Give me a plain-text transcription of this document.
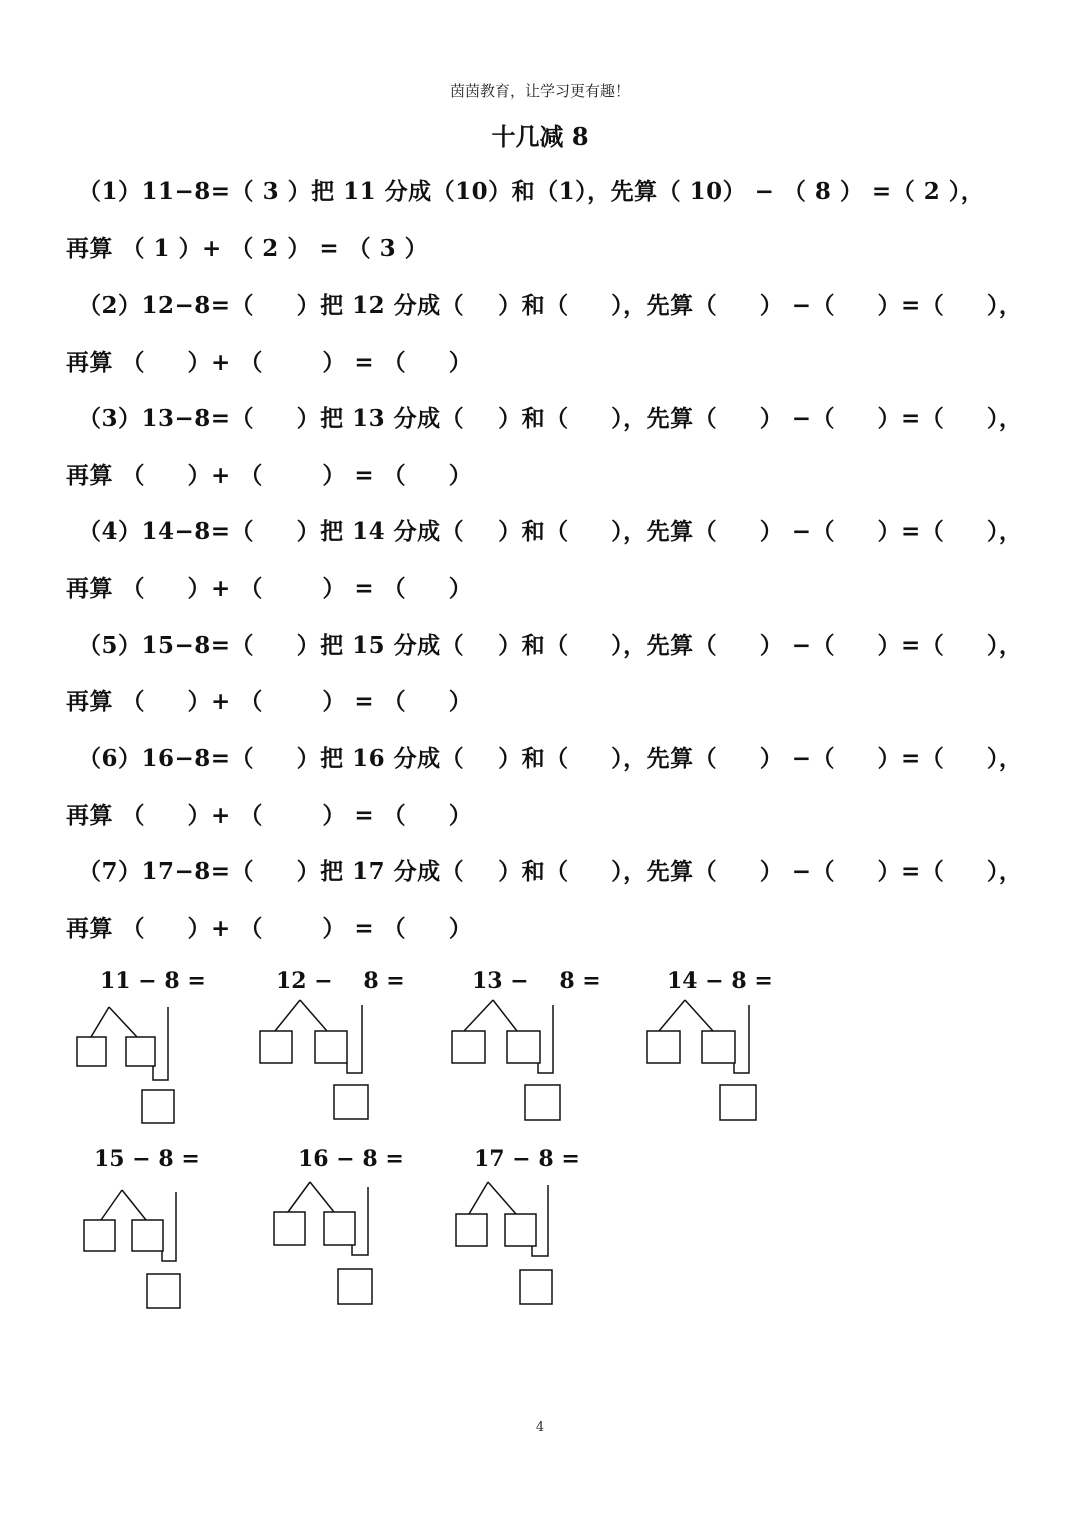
茵茵教育，让学习更有趣！
十几减 8
（1）11−8=（ 3 ）把 11 分成（10）和（1），先算（ 10） − （ 8 ） =（ 2 ），
再算 （ 1 ）+ （ 2 ） = （ 3 ）
（2）12−8=（     ）把 12 分成（    ）和（     ），先算（     ） −（     ）=（     ），
再算 （     ）+ （       ） = （     ）
（3）13−8=（     ）把 13 分成（    ）和（     ），先算（     ） −（     ）=（     ），
再算 （     ）+ （       ） = （     ）
（4）14−8=（     ）把 14 分成（    ）和（     ），先算（     ） −（     ）=（     ），
再算 （     ）+ （       ） = （     ）
（5）15−8=（     ）把 15 分成（    ）和（     ），先算（     ） −（     ）=（     ），
再算 （     ）+ （       ） = （     ）
（6）16−8=（     ）把 16 分成（    ）和（     ），先算（     ） −（     ）=（     ），
再算 （     ）+ （       ） = （     ）
（7）17−8=（     ）把 17 分成（    ）和（     ），先算（     ） −（     ）=（     ），
再算 （     ）+ （       ） = （     ）
11 − 8 =	12 −    8 =	13 −    8 =	14 − 8 =
15 − 8 =	16 − 8 =	17 − 8 =
4
